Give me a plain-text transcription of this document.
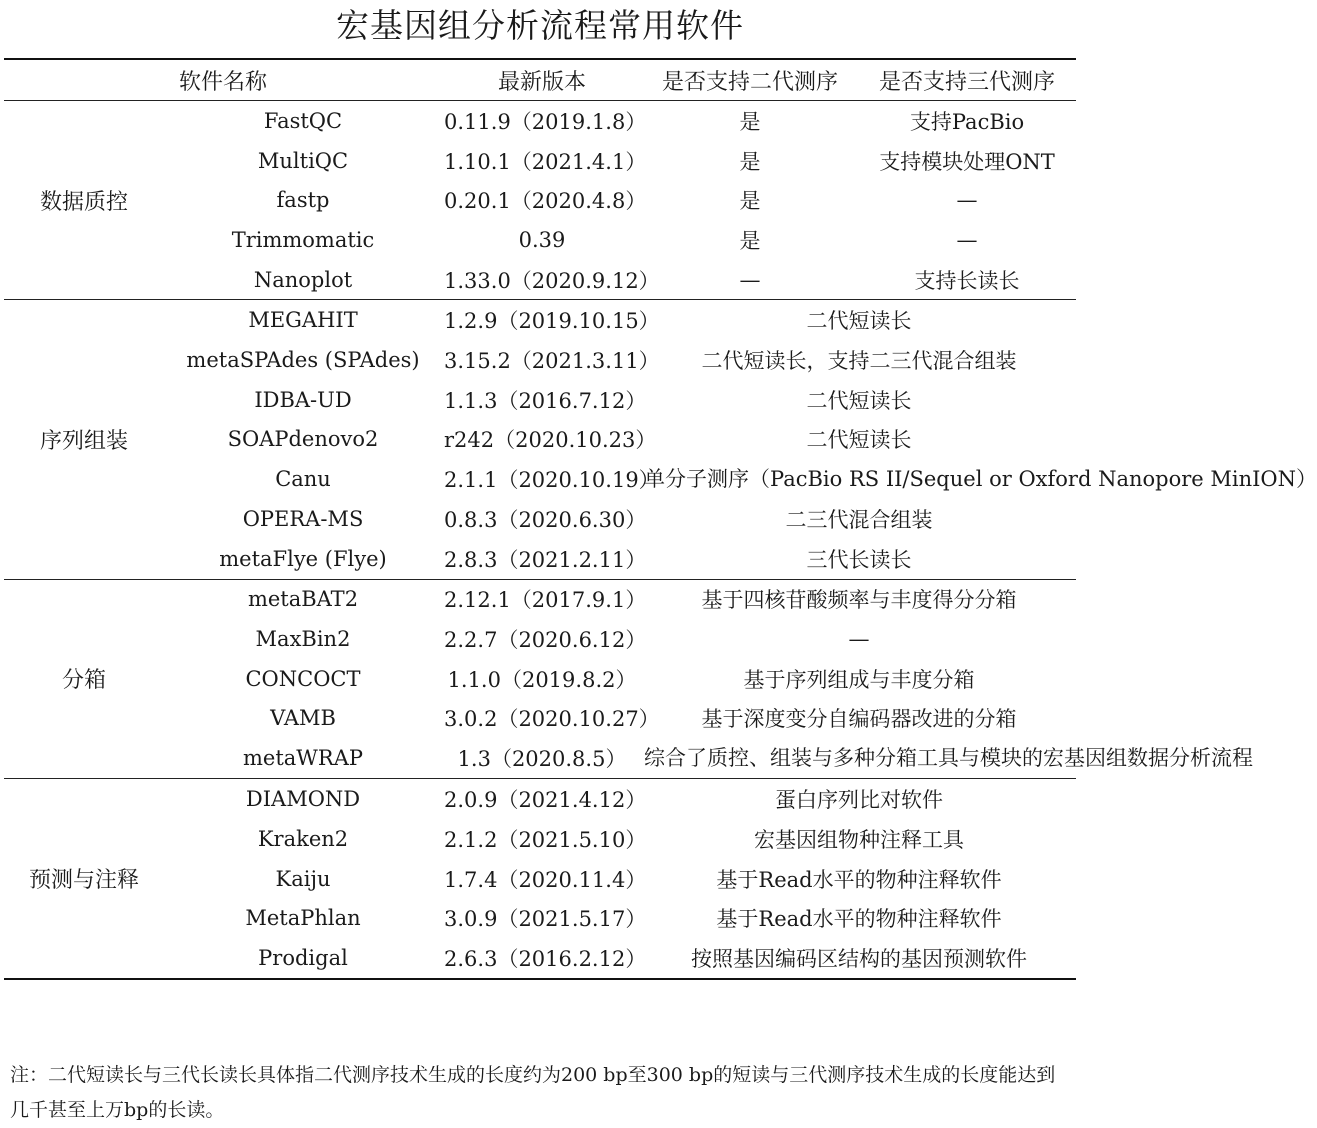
宏基因组分析流程常用软件
软件名称		最新版本	是否支持二代测序	是否支持三代测序
数据质控	FastQC	0.11.9（2019.1.8）	是	支持PacBio
	MultiQC	1.10.1（2021.4.1）	是	支持模块处理ONT
	fastp	0.20.1（2020.4.8）	是	—
	Trimmomatic	0.39	是	—
	Nanoplot	1.33.0（2020.9.12）	—	支持长读长
序列组装	MEGAHIT	1.2.9（2019.10.15）	二代短读长	
	metaSPAdes (SPAdes)	3.15.2（2021.3.11）	二代短读长，支持二三代混合组装	
	IDBA-UD	1.1.3（2016.7.12）	二代短读长	
	SOAPdenovo2	r242（2020.10.23）	二代短读长	
	Canu	2.1.1（2020.10.19）	单分子测序（PacBio RS II/Sequel or Oxford Nanopore MinION）	
	OPERA-MS	0.8.3（2020.6.30）	二三代混合组装	
	metaFlye (Flye)	2.8.3（2021.2.11）	三代长读长	
分箱	metaBAT2	2.12.1（2017.9.1）	基于四核苷酸频率与丰度得分分箱	
	MaxBin2	2.2.7（2020.6.12）	—	
	CONCOCT	1.1.0（2019.8.2）	基于序列组成与丰度分箱	
	VAMB	3.0.2（2020.10.27）	基于深度变分自编码器改进的分箱	
	metaWRAP	1.3（2020.8.5）	综合了质控、组装与多种分箱工具与模块的宏基因组数据分析流程	
预测与注释	DIAMOND	2.0.9（2021.4.12）	蛋白序列比对软件	
	Kraken2	2.1.2（2021.5.10）	宏基因组物种注释工具	
	Kaiju	1.7.4（2020.11.4）	基于Read水平的物种注释软件	
	MetaPhlan	3.0.9（2021.5.17）	基于Read水平的物种注释软件	
	Prodigal	2.6.3（2016.2.12）	按照基因编码区结构的基因预测软件	
注：二代短读长与三代长读长具体指二代测序技术生成的长度约为200 bp至300 bp的短读与三代测序技术生成的长度能达到几千甚至上万bp的长读。
